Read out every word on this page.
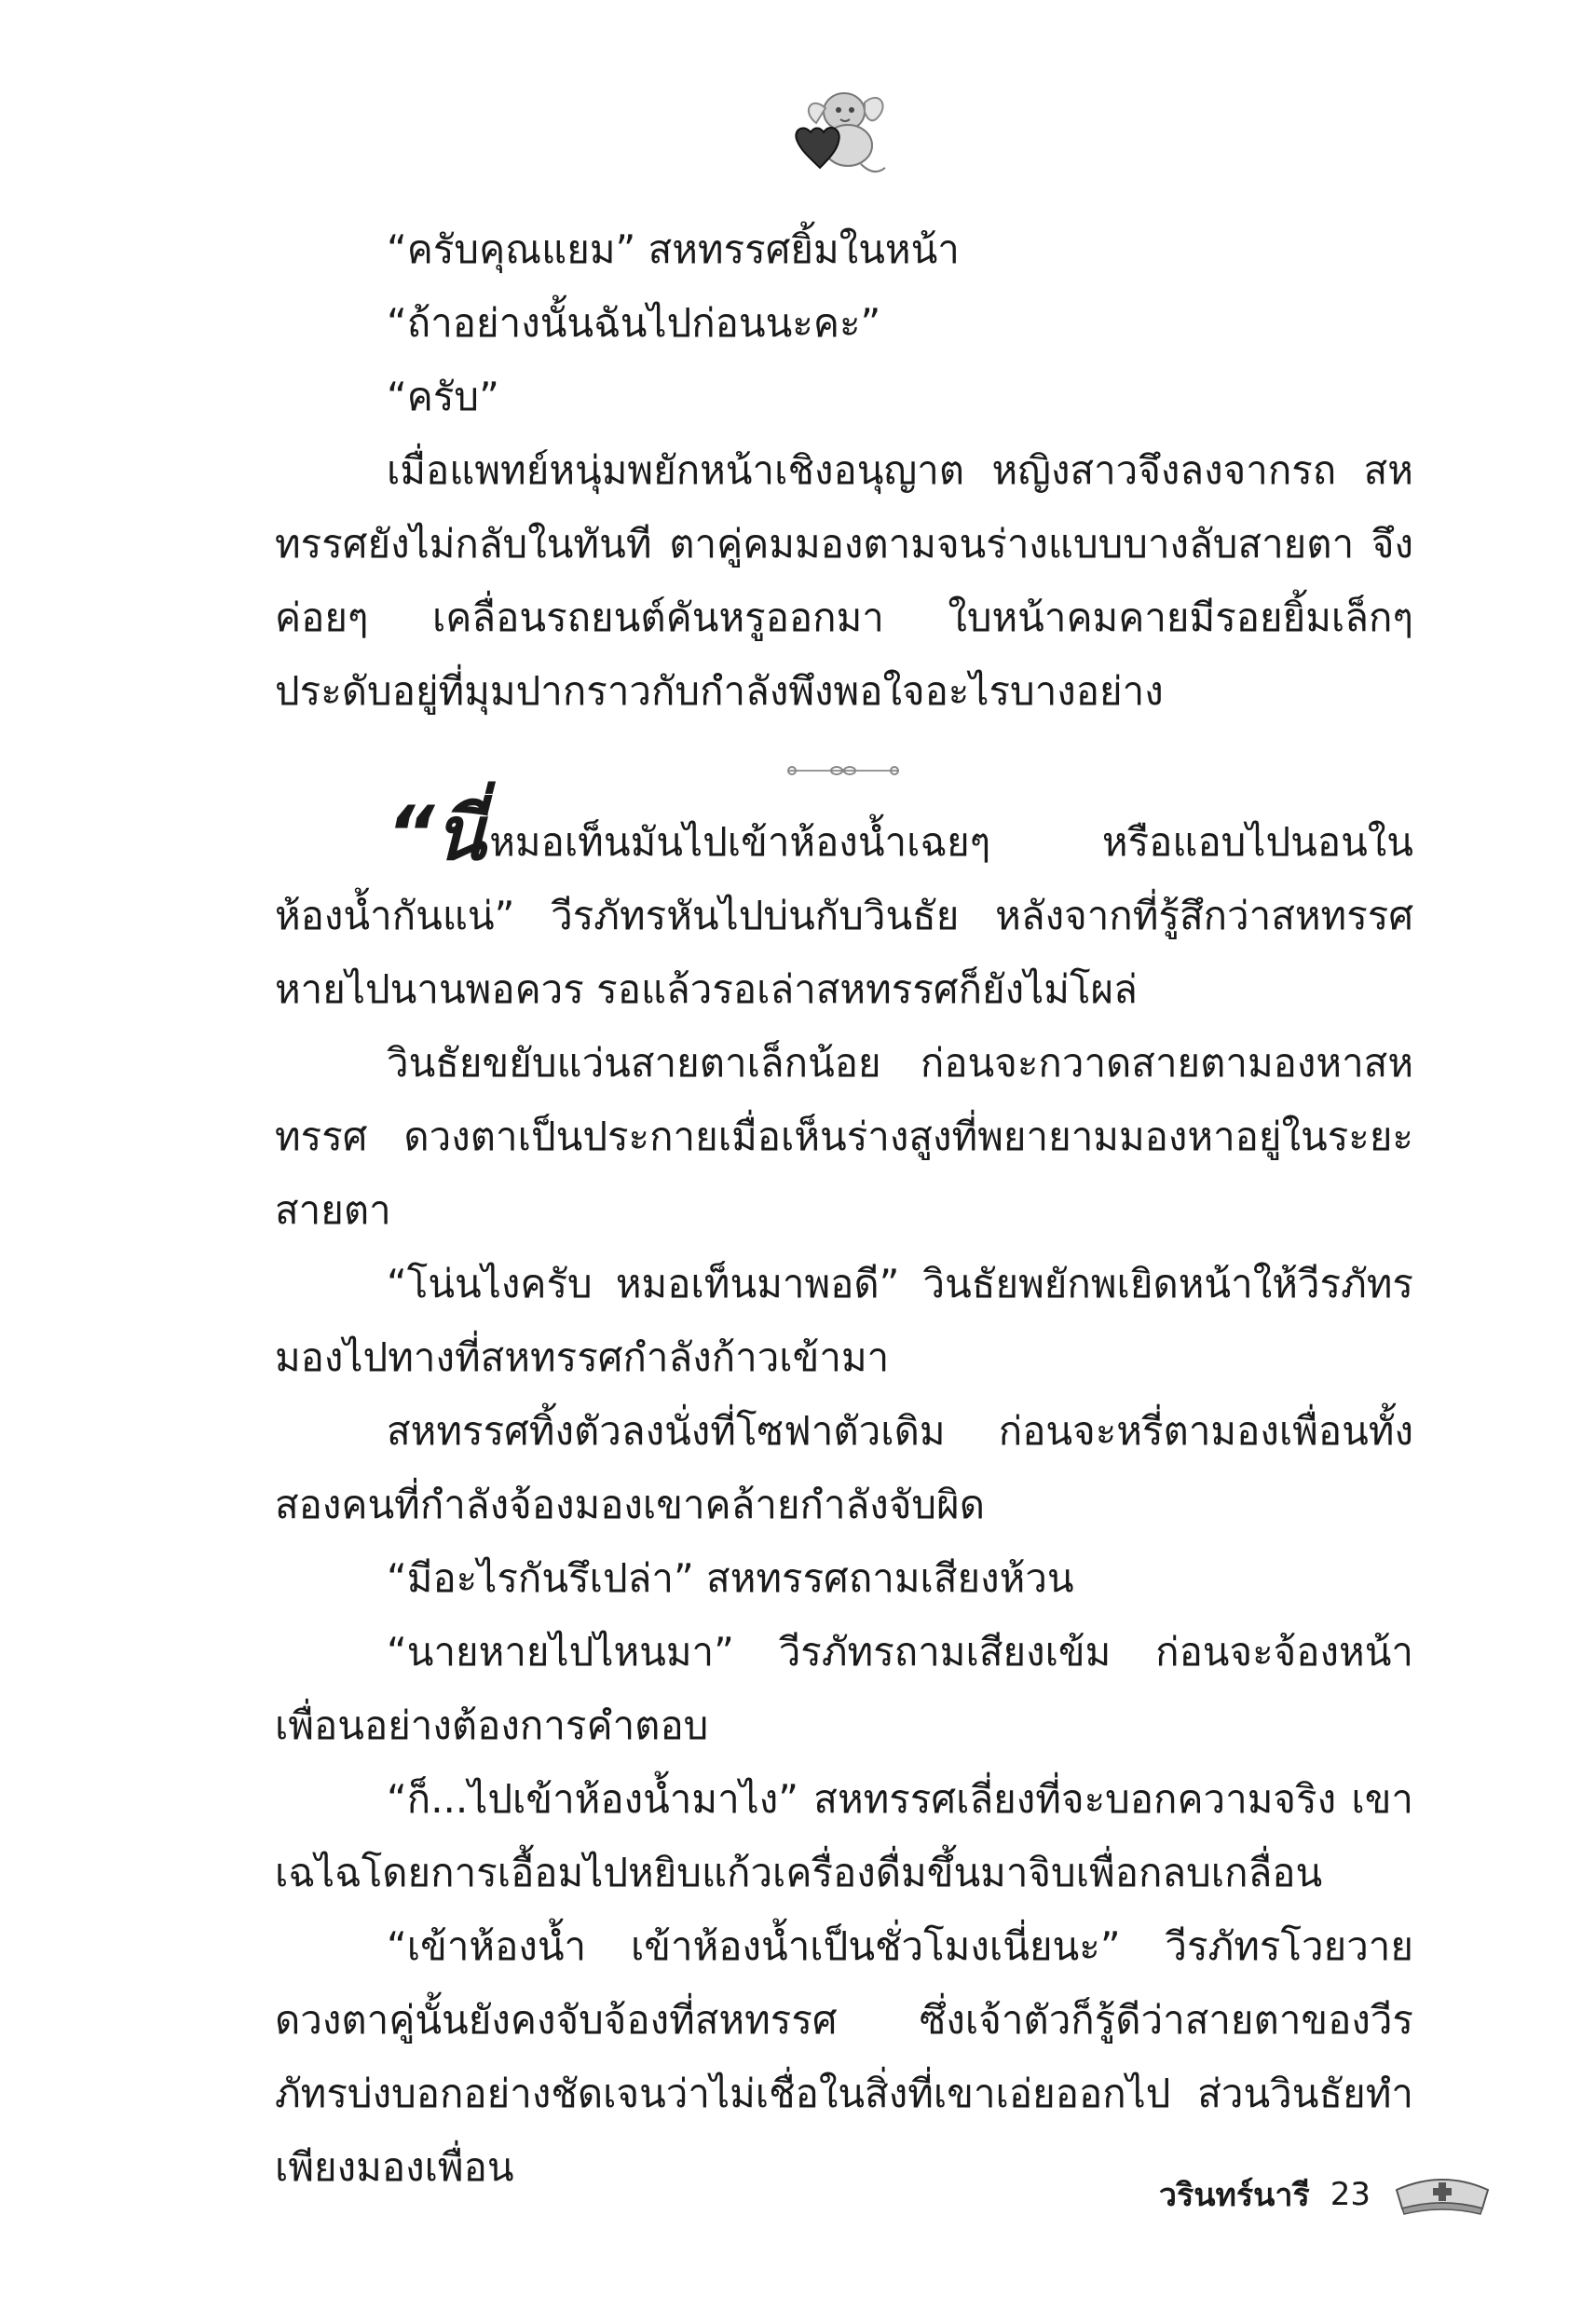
“ครับคุณแยม” สหทรรศยิ้มในหน้า

“ถ้าอย่างนั้นฉันไปก่อนนะคะ”

“ครับ”

เมื่อแพทย์หนุ่มพยักหน้าเชิงอนุญาต หญิงสาวจึงลงจากรถ สหทรรศยังไม่กลับในทันที ตาคู่คมมองตามจนร่างแบบบางลับสายตา จึงค่อยๆ เคลื่อนรถยนต์คันหรูออกมา ใบหน้าคมคายมีรอยยิ้มเล็กๆ ประดับอยู่ที่มุมปากราวกับกำลังพึงพอใจอะไรบางอย่าง

“นี่หมอเท็นมันไปเข้าห้องน้ำเฉยๆ หรือแอบไปนอนในห้องน้ำกันแน่” วีรภัทรหันไปบ่นกับวินธัย หลังจากที่รู้สึกว่าสหทรรศหายไปนานพอควร รอแล้วรอเล่าสหทรรศก็ยังไม่โผล่

วินธัยขยับแว่นสายตาเล็กน้อย ก่อนจะกวาดสายตามองหาสหทรรศ ดวงตาเป็นประกายเมื่อเห็นร่างสูงที่พยายามมองหาอยู่ในระยะสายตา

“โน่นไงครับ หมอเท็นมาพอดี” วินธัยพยักพเยิดหน้าให้วีรภัทรมองไปทางที่สหทรรศกำลังก้าวเข้ามา

สหทรรศทิ้งตัวลงนั่งที่โซฟาตัวเดิม ก่อนจะหรี่ตามองเพื่อนทั้งสองคนที่กำลังจ้องมองเขาคล้ายกำลังจับผิด

“มีอะไรกันรึเปล่า” สหทรรศถามเสียงห้วน

“นายหายไปไหนมา” วีรภัทรถามเสียงเข้ม ก่อนจะจ้องหน้าเพื่อนอย่างต้องการคำตอบ

“ก็...ไปเข้าห้องน้ำมาไง” สหทรรศเลี่ยงที่จะบอกความจริง เขาเฉไฉโดยการเอื้อมไปหยิบแก้วเครื่องดื่มขึ้นมาจิบเพื่อกลบเกลื่อน

“เข้าห้องน้ำ เข้าห้องน้ำเป็นชั่วโมงเนี่ยนะ” วีรภัทรโวยวาย ดวงตาคู่นั้นยังคงจับจ้องที่สหทรรศ ซึ่งเจ้าตัวก็รู้ดีว่าสายตาของวีรภัทรบ่งบอกอย่างชัดเจนว่าไม่เชื่อในสิ่งที่เขาเอ่ยออกไป ส่วนวินธัยทำเพียงมองเพื่อน

วรินทร์นารี 23
